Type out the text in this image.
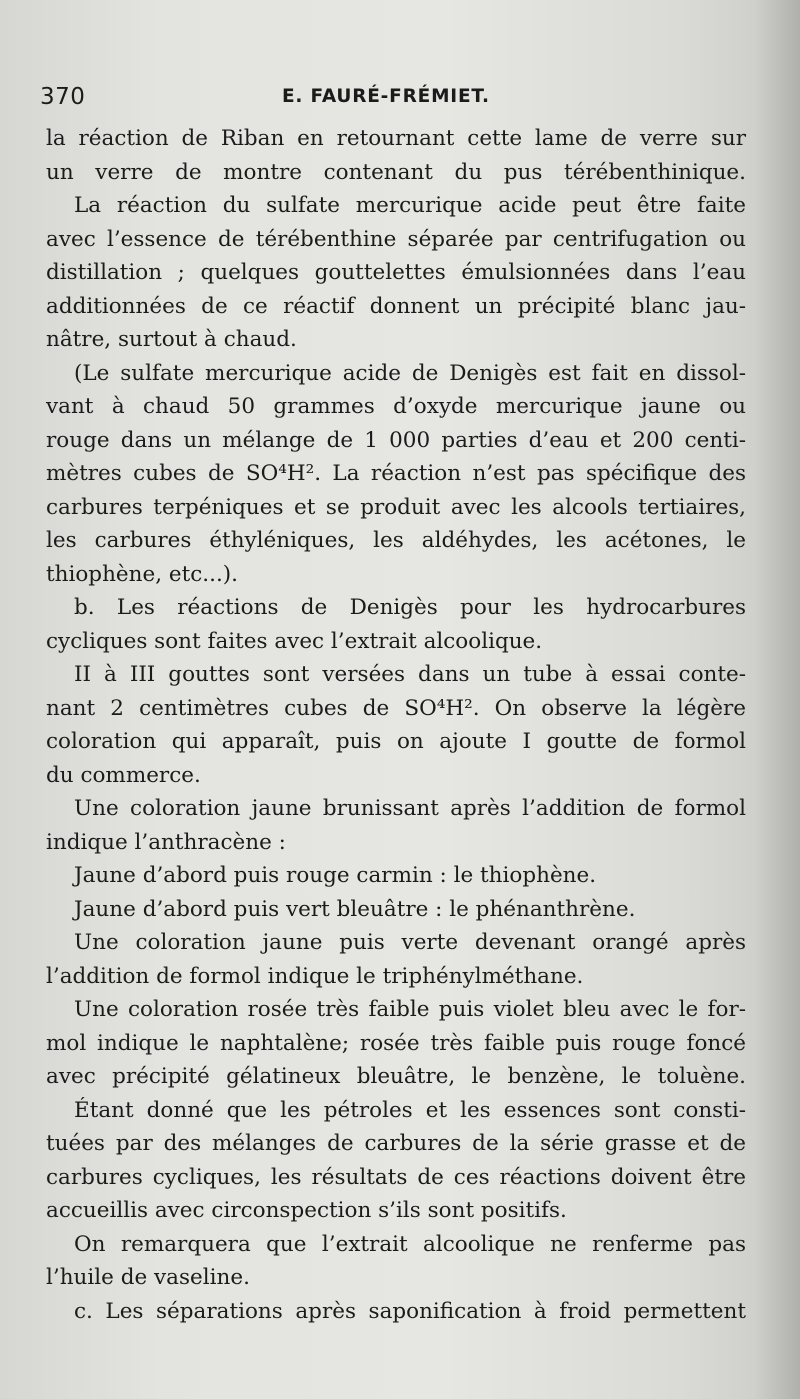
370	E. FAURÉ-FRÉMIET.
la réaction de Riban en retournant cette lame de verre sur
un verre de montre contenant du pus térébenthinique.
La réaction du sulfate mercurique acide peut être faite
avec l’essence de térébenthine séparée par centrifugation ou
distillation ; quelques gouttelettes émulsionnées dans l’eau
additionnées de ce réactif donnent un précipité blanc jau-
nâtre, surtout à chaud.
(Le sulfate mercurique acide de Denigès est fait en dissol-
vant à chaud 50 grammes d’oxyde mercurique jaune ou
rouge dans un mélange de 1 000 parties d’eau et 200 centi-
mètres cubes de SO⁴H². La réaction n’est pas spécifique des
carbures terpéniques et se produit avec les alcools tertiaires,
les carbures éthyléniques, les aldéhydes, les acétones, le
thiophène, etc...).
b. Les réactions de Denigès pour les hydrocarbures
cycliques sont faites avec l’extrait alcoolique.
II à III gouttes sont versées dans un tube à essai conte-
nant 2 centimètres cubes de SO⁴H². On observe la légère
coloration qui apparaît, puis on ajoute I goutte de formol
du commerce.
Une coloration jaune brunissant après l’addition de formol
indique l’anthracène :
Jaune d’abord puis rouge carmin : le thiophène.
Jaune d’abord puis vert bleuâtre : le phénanthrène.
Une coloration jaune puis verte devenant orangé après
l’addition de formol indique le triphénylméthane.
Une coloration rosée très faible puis violet bleu avec le for-
mol indique le naphtalène; rosée très faible puis rouge foncé
avec précipité gélatineux bleuâtre, le benzène, le toluène.
Étant donné que les pétroles et les essences sont consti-
tuées par des mélanges de carbures de la série grasse et de
carbures cycliques, les résultats de ces réactions doivent être
accueillis avec circonspection s’ils sont positifs.
On remarquera que l’extrait alcoolique ne renferme pas
l’huile de vaseline.
c. Les séparations après saponification à froid permettent
